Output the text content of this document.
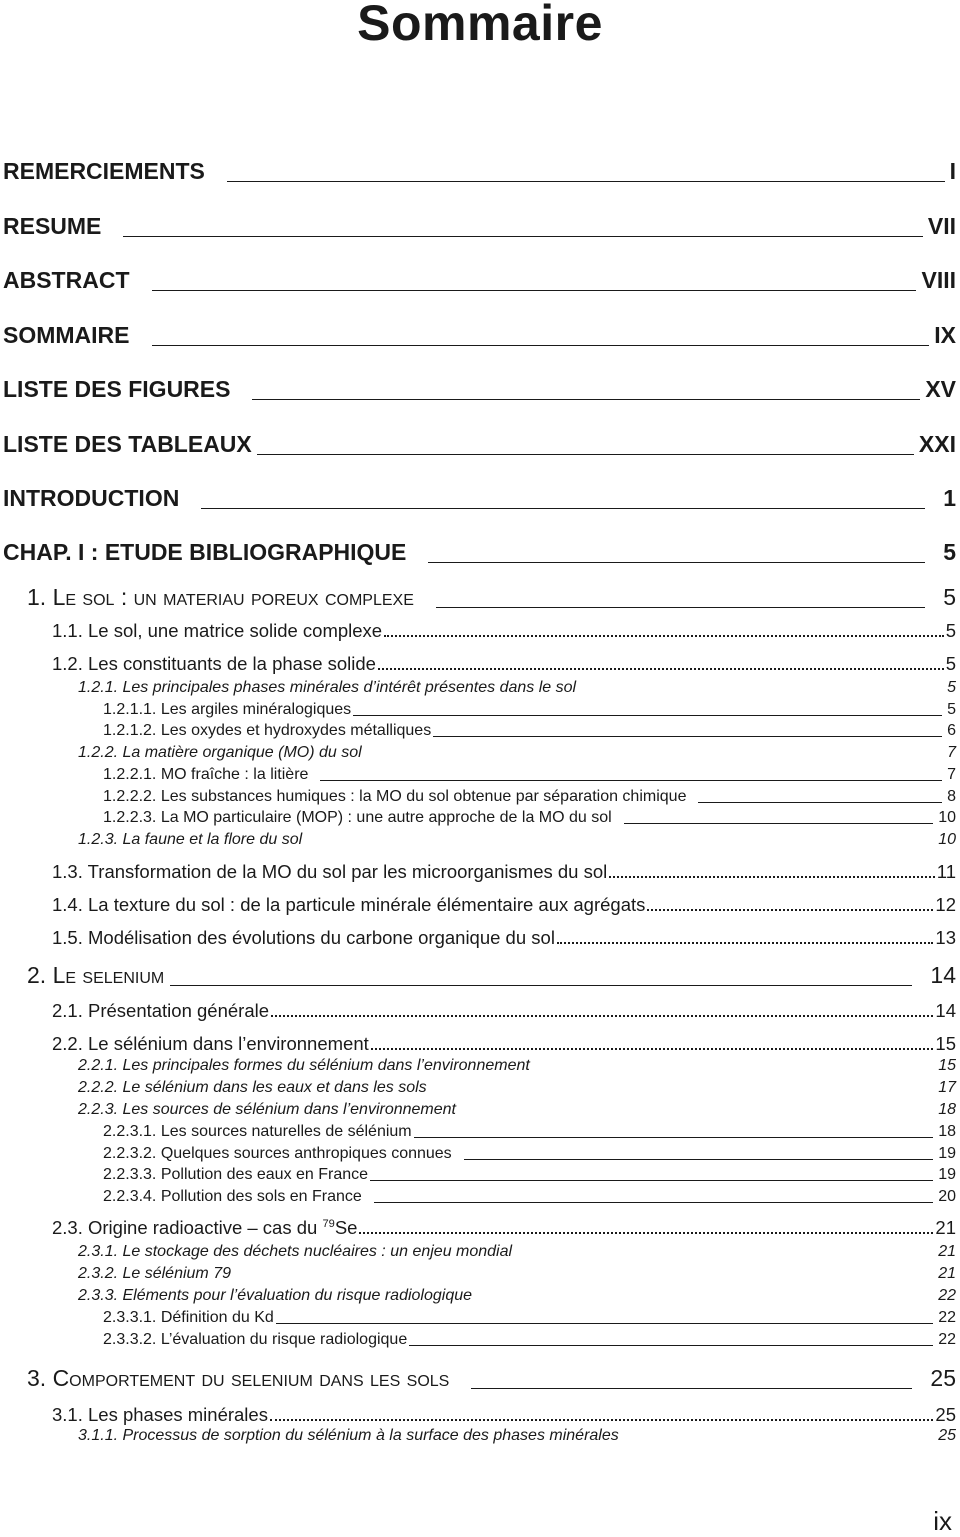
Sommaire
REMERCIEMENTS	I
RESUME	VII
ABSTRACT	VIII
SOMMAIRE	IX
LISTE DES FIGURES	XV
LISTE DES TABLEAUX	XXI
INTRODUCTION	1
CHAP. I : ETUDE BIBLIOGRAPHIQUE	5
1. Le sol : un materiau poreux complexe	5
1.1. Le sol, une matrice solide complexe	5
1.2. Les constituants de la phase solide	5
1.2.1. Les principales phases minérales d’intérêt présentes dans le sol	5
1.2.1.1. Les argiles minéralogiques	5
1.2.1.2. Les oxydes et hydroxydes métalliques	6
1.2.2. La matière organique (MO) du sol	7
1.2.2.1. MO fraîche : la litière	7
1.2.2.2. Les substances humiques : la MO du sol obtenue par séparation chimique	8
1.2.2.3. La MO particulaire (MOP) : une autre approche de la MO du sol	10
1.2.3. La faune et la flore du sol	10
1.3. Transformation de la MO du sol par les microorganismes du sol	11
1.4. La texture du sol : de la particule minérale élémentaire aux agrégats	12
1.5. Modélisation des évolutions du carbone organique du sol	13
2. Le selenium	14
2.1. Présentation générale	14
2.2. Le sélénium dans l’environnement	15
2.2.1. Les principales formes du sélénium dans l’environnement	15
2.2.2. Le sélénium dans les eaux et dans les sols	17
2.2.3. Les sources de sélénium dans l’environnement	18
2.2.3.1. Les sources naturelles de sélénium	18
2.2.3.2. Quelques sources anthropiques connues	19
2.2.3.3. Pollution des eaux en France	19
2.2.3.4. Pollution des sols en France	20
2.3. Origine radioactive – cas du $^{79}$Se	21
2.3.1. Le stockage des déchets nucléaires : un enjeu mondial	21
2.3.2. Le sélénium 79	21
2.3.3. Eléments pour l’évaluation du risque radiologique	22
2.3.3.1. Définition du Kd	22
2.3.3.2. L’évaluation du risque radiologique	22
3. Comportement du selenium dans les sols	25
3.1. Les phases minérales	25
3.1.1. Processus de sorption du sélénium à la surface des phases minérales	25
ix
